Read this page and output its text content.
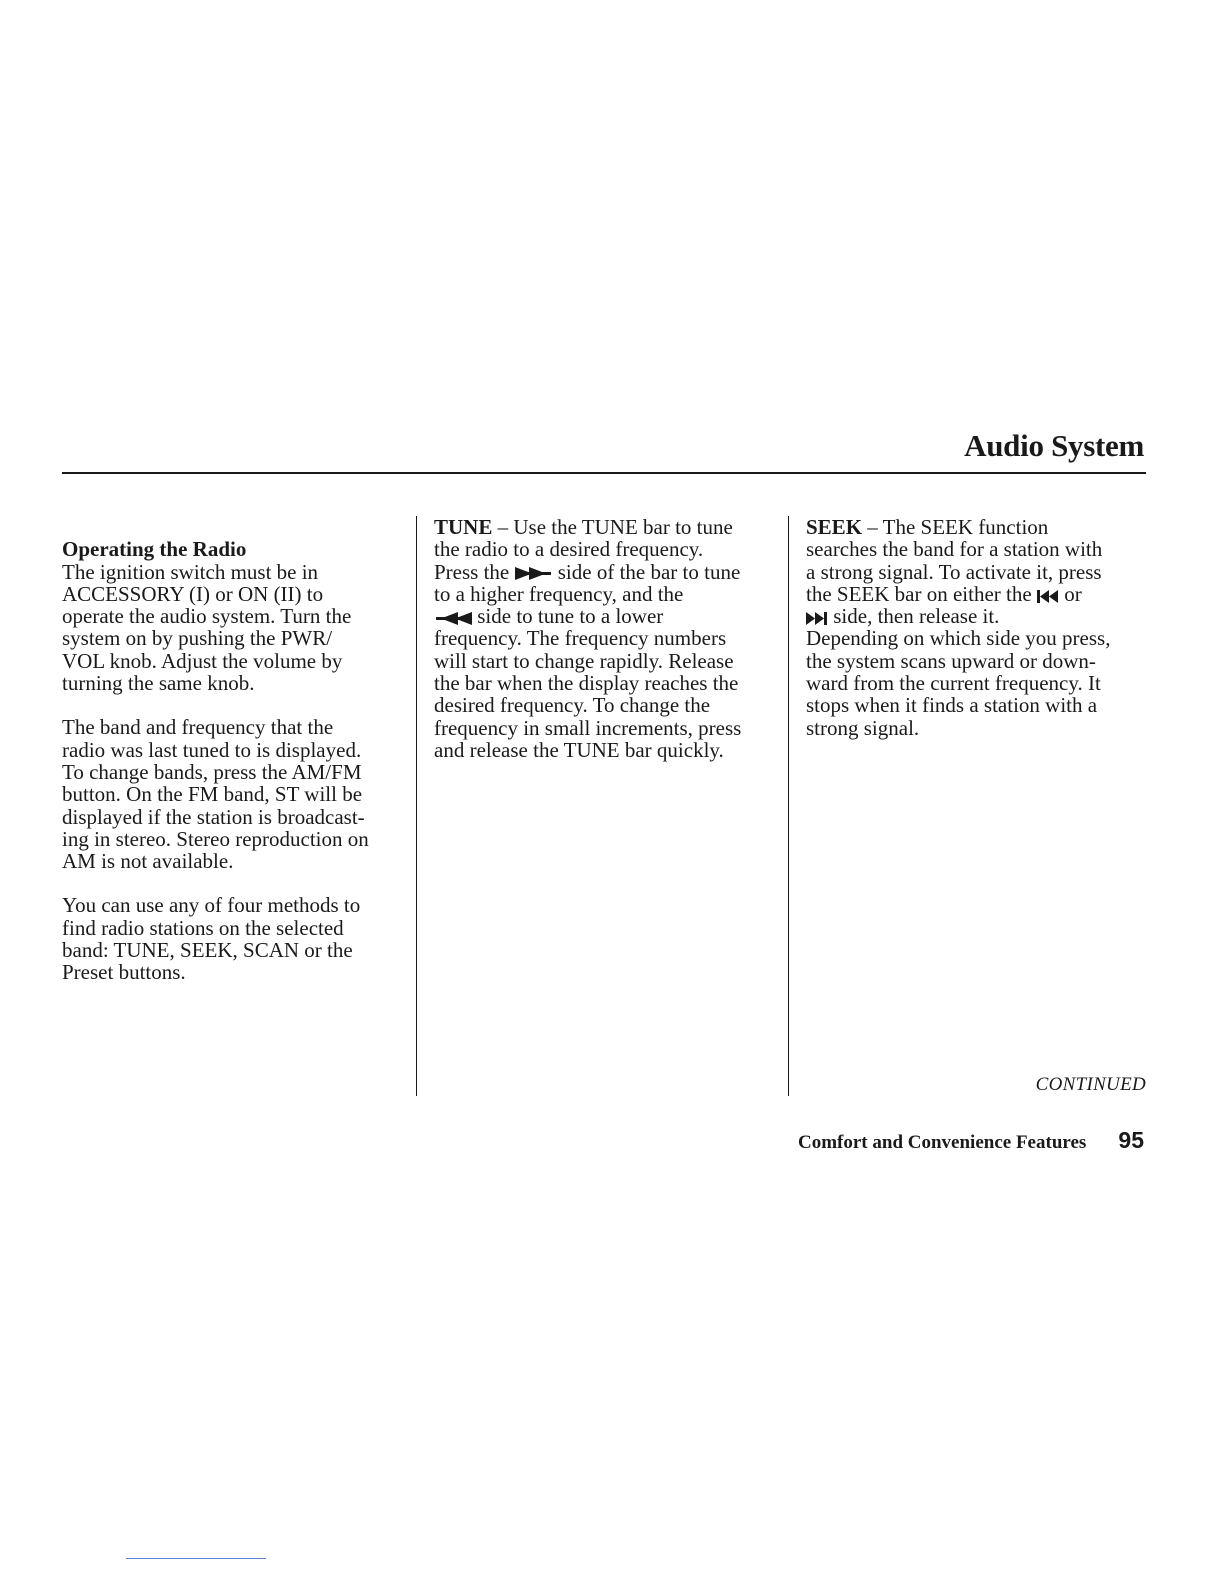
Audio System

Operating the Radio
The ignition switch must be in
ACCESSORY (I) or ON (II) to
operate the audio system. Turn the
system on by pushing the PWR/
VOL knob. Adjust the volume by
turning the same knob.

The band and frequency that the
radio was last tuned to is displayed.
To change bands, press the AM/FM
button. On the FM band, ST will be
displayed if the station is broadcast-
ing in stereo. Stereo reproduction on
AM is not available.

You can use any of four methods to
find radio stations on the selected
band: TUNE, SEEK, SCAN or the
Preset buttons.

TUNE – Use the TUNE bar to tune
the radio to a desired frequency.
Press the
side of the bar to tune
to a higher frequency, and the

side to tune to a lower
frequency. The frequency numbers
will start to change rapidly. Release
the bar when the display reaches the
desired frequency. To change the
frequency in small increments, press
and release the TUNE bar quickly.

SEEK – The SEEK function
searches the band for a station with
a strong signal. To activate it, press
the SEEK bar on either the
or

side, then release it.
Depending on which side you press,
the system scans upward or down-
ward from the current frequency. It
stops when it finds a station with a
strong signal.

CONTINUED
Comfort and Convenience Features 95
